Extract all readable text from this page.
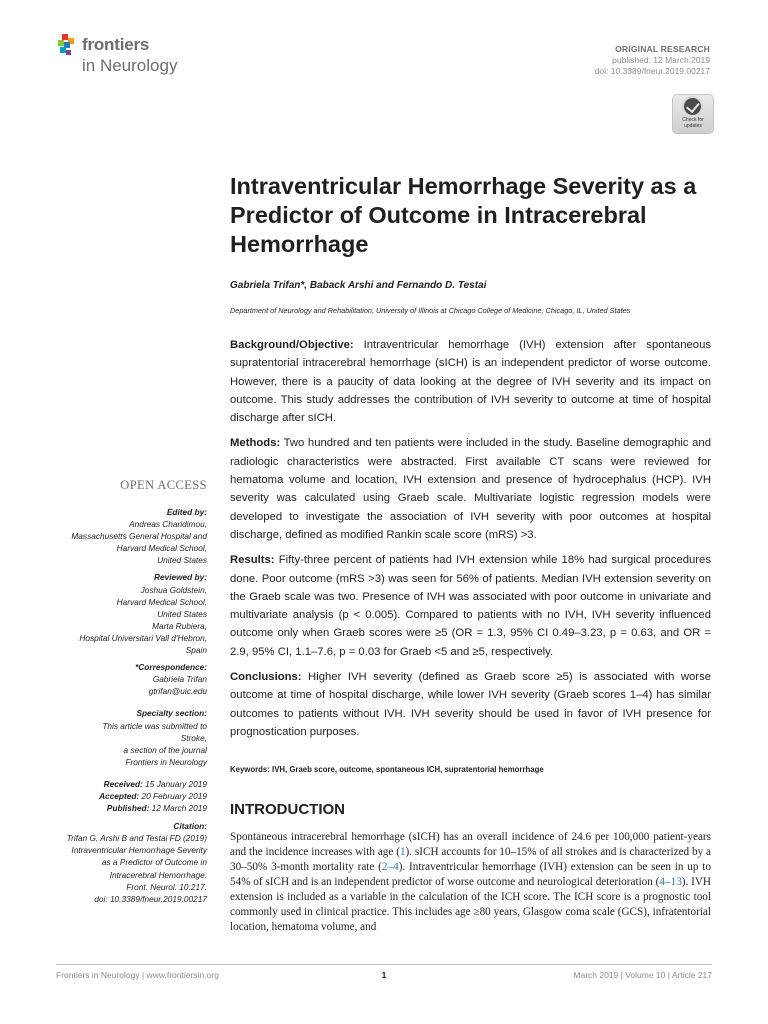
frontiers
in Neurology
ORIGINAL RESEARCH
published: 12 March 2019
doi: 10.3389/fneur.2019.00217
Check for
updates
Intraventricular Hemorrhage Severity as a Predictor of Outcome in Intracerebral Hemorrhage
Gabriela Trifan*, Baback Arshi and Fernando D. Testai
Department of Neurology and Rehabilitation, University of Illinois at Chicago College of Medicine, Chicago, IL, United States

Background/Objective: Intraventricular hemorrhage (IVH) extension after spontaneous supratentorial intracerebral hemorrhage (sICH) is an independent predictor of worse outcome. However, there is a paucity of data looking at the degree of IVH severity and its impact on outcome. This study addresses the contribution of IVH severity to outcome at time of hospital discharge after sICH.

Methods: Two hundred and ten patients were included in the study. Baseline demographic and radiologic characteristics were abstracted. First available CT scans were reviewed for hematoma volume and location, IVH extension and presence of hydrocephalus (HCP). IVH severity was calculated using Graeb scale. Multivariate logistic regression models were developed to investigate the association of IVH severity with poor outcomes at hospital discharge, defined as modified Rankin scale score (mRS) >3.

Results: Fifty-three percent of patients had IVH extension while 18% had surgical procedures done. Poor outcome (mRS >3) was seen for 56% of patients. Median IVH extension severity on the Graeb scale was two. Presence of IVH was associated with poor outcome in univariate and multivariate analysis (p < 0.005). Compared to patients with no IVH, IVH severity influenced outcome only when Graeb scores were ≥5 (OR = 1.3, 95% CI 0.49–3.23, p = 0.63, and OR = 2.9, 95% CI, 1.1–7.6, p = 0.03 for Graeb <5 and ≥5, respectively.

Conclusions: Higher IVH severity (defined as Graeb score ≥5) is associated with worse outcome at time of hospital discharge, while lower IVH severity (Graeb scores 1–4) has similar outcomes to patients without IVH. IVH severity should be used in favor of IVH presence for prognostication purposes.

Keywords: IVH, Graeb score, outcome, spontaneous ICH, supratentorial hemorrhage
INTRODUCTION

Spontaneous intracerebral hemorrhage (sICH) has an overall incidence of 24.6 per 100,000 patient-years and the incidence increases with age (1). sICH accounts for 10–15% of all strokes and is characterized by a 30–50% 3-month mortality rate (2–4). Intraventricular hemorrhage (IVH) extension can be seen in up to 54% of sICH and is an independent predictor of worse outcome and neurological deterioration (4–13). IVH extension is included as a variable in the calculation of the ICH score. The ICH score is a prognostic tool commonly used in clinical practice. This includes age ≥80 years, Glasgow coma scale (GCS), infratentorial location, hematoma volume, and

OPEN ACCESS
Edited by:
Andreas Charidimou,
Massachusetts General Hospital and
Harvard Medical School,
United States
Reviewed by:
Joshua Goldstein,
Harvard Medical School,
United States
Marta Rubiera,
Hospital Universitari Vall d'Hebron,
Spain
*Correspondence:
Gabriela Trifan
gtrifan@uic.edu
Specialty section:
This article was submitted to
Stroke,
a section of the journal
Frontiers in Neurology
Received: 15 January 2019
Accepted: 20 February 2019
Published: 12 March 2019
Citation:
Trifan G, Arshi B and Testai FD (2019)
Intraventricular Hemorrhage Severity
as a Predictor of Outcome in
Intracerebral Hemorrhage.
Front. Neurol. 10:217.
doi: 10.3389/fneur.2019.00217
Frontiers in Neurology | www.frontiersin.org	1	March 2019 | Volume 10 | Article 217
